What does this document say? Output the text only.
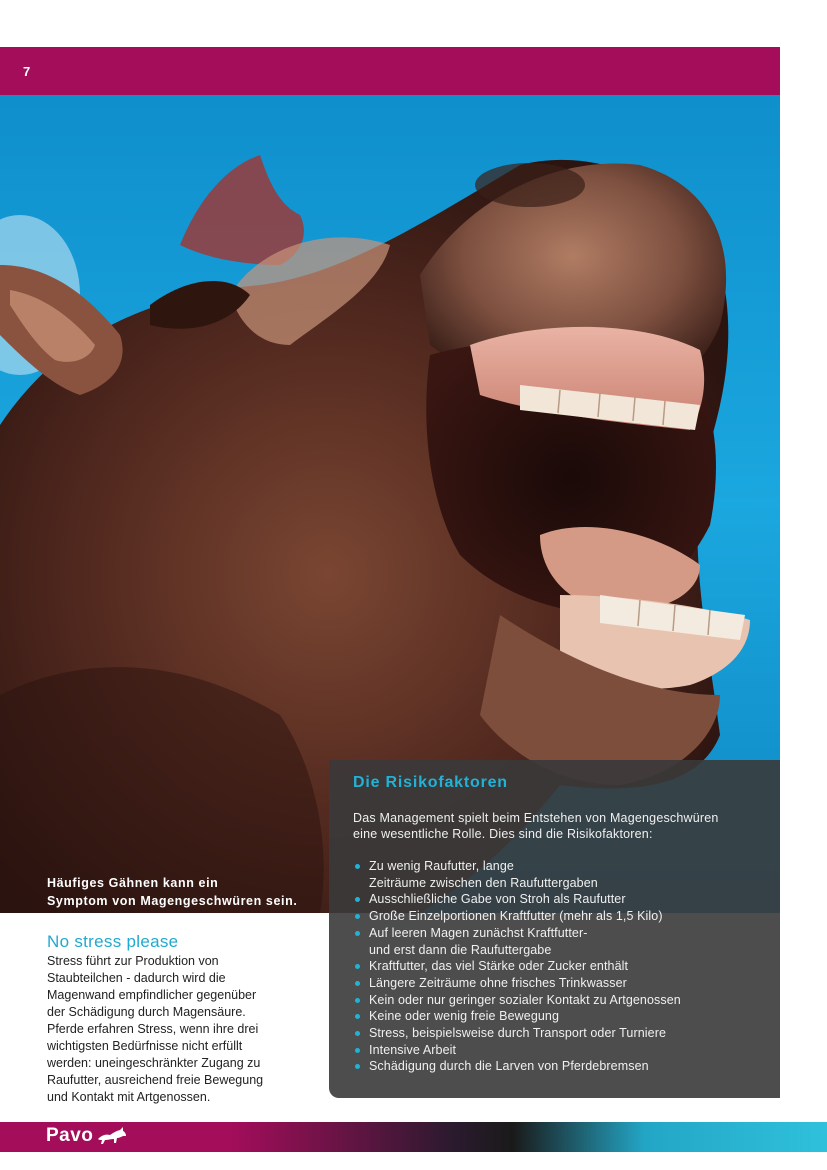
7
Häufiges Gähnen kann ein
Symptom von Magengeschwüren sein.
Die Risikofaktoren
Das Management spielt beim Entstehen von Magengeschwüren
eine wesentliche Rolle. Dies sind die Risikofaktoren:
Zu wenig Raufutter, lange
Zeiträume zwischen den Raufuttergaben
Ausschließliche Gabe von Stroh als Raufutter
Große Einzelportionen Kraftfutter (mehr als 1,5 Kilo)
Auf leeren Magen zunächst Kraftfutter-
und erst dann die Raufuttergabe
Kraftfutter, das viel Stärke oder Zucker enthält
Längere Zeiträume ohne frisches Trinkwasser
Kein oder nur geringer sozialer Kontakt zu Artgenossen
Keine oder wenig freie Bewegung
Stress, beispielsweise durch Transport oder Turniere
Intensive Arbeit
Schädigung durch die Larven von Pferdebremsen
No stress please
Stress führt zur Produktion von
Staubteilchen - dadurch wird die
Magenwand empfindlicher gegenüber
der Schädigung durch Magensäure.
Pferde erfahren Stress, wenn ihre drei
wichtigsten Bedürfnisse nicht erfüllt
werden: uneingeschränkter Zugang zu
Raufutter, ausreichend freie Bewegung
und Kontakt mit Artgenossen.
Pavo
